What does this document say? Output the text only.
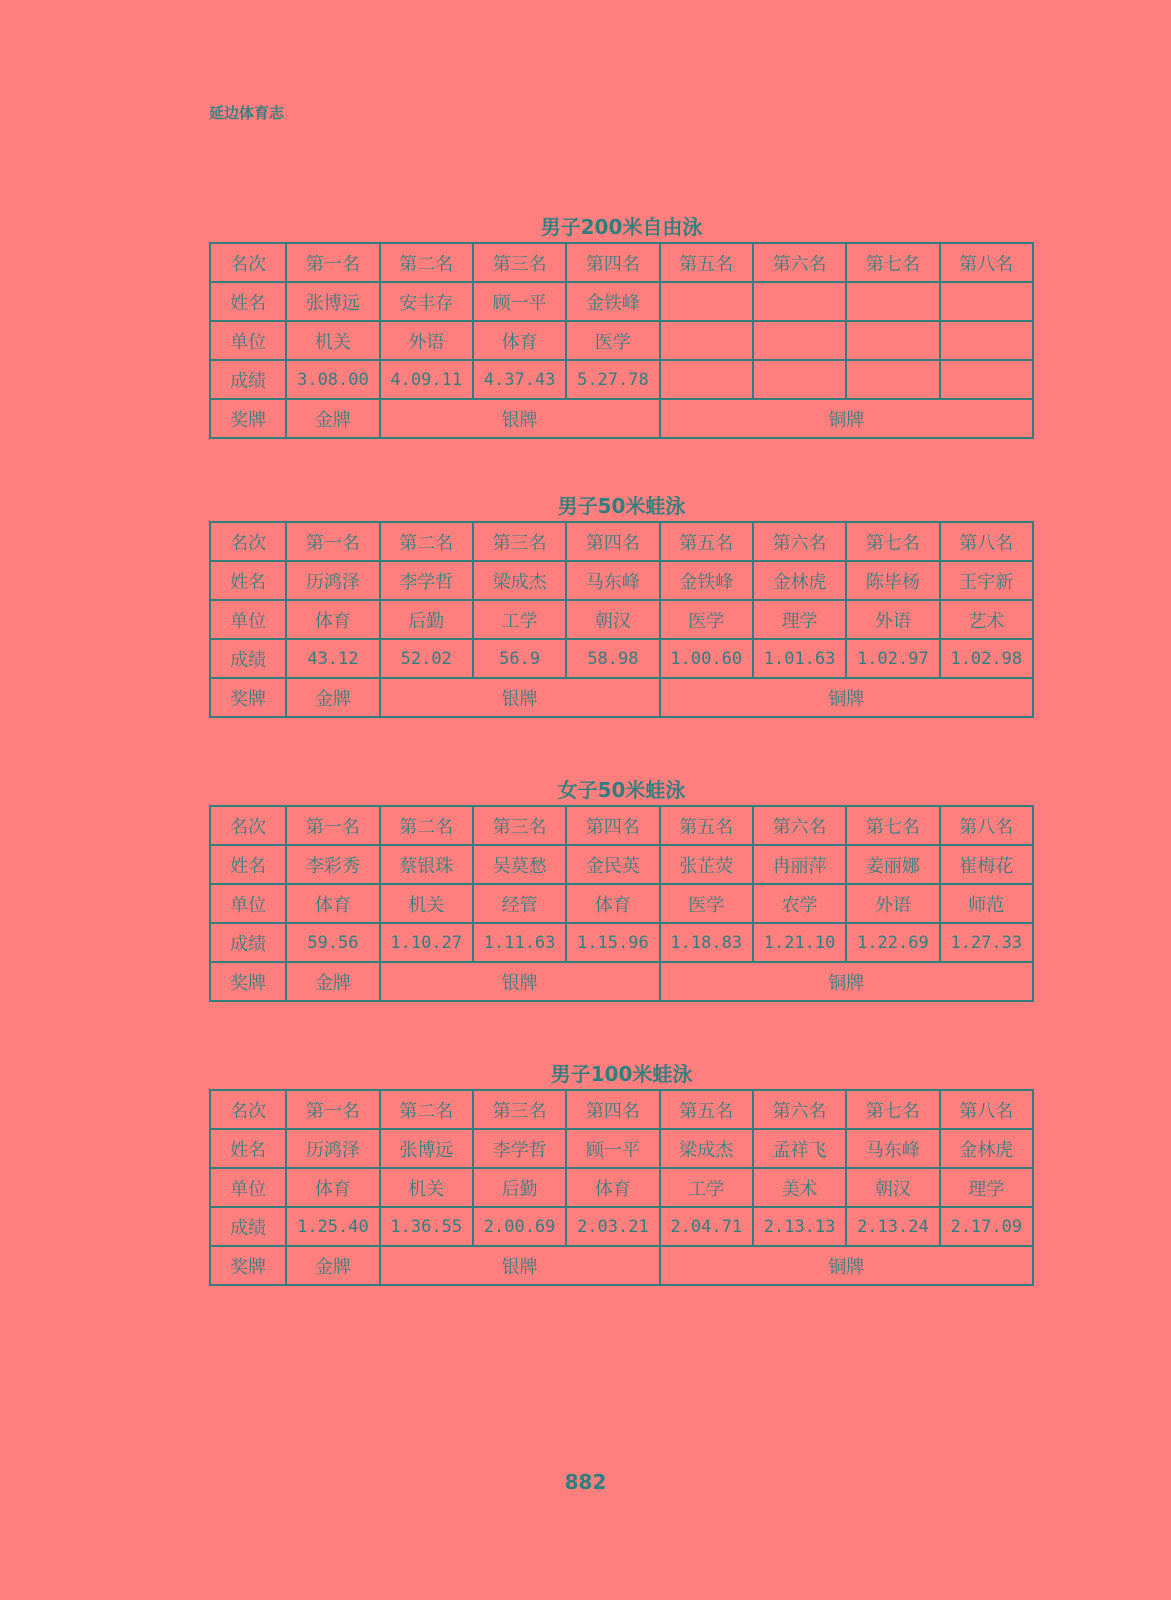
延边体育志
男子200米自由泳
名次	第一名	第二名	第三名	第四名	第五名	第六名	第七名	第八名
姓名	张博远	安丰存	顾一平	金铁峰				
单位	机关	外语	体育	医学				
成绩	3.08.00	4.09.11	4.37.43	5.27.78				
奖牌	金牌	银牌			铜牌			
男子50米蛙泳
名次	第一名	第二名	第三名	第四名	第五名	第六名	第七名	第八名
姓名	历鸿泽	李学哲	梁成杰	马东峰	金铁峰	金林虎	陈毕杨	王宇新
单位	体育	后勤	工学	朝汉	医学	理学	外语	艺术
成绩	43.12	52.02	56.9	58.98	1.00.60	1.01.63	1.02.97	1.02.98
奖牌	金牌	银牌			铜牌			
女子50米蛙泳
名次	第一名	第二名	第三名	第四名	第五名	第六名	第七名	第八名
姓名	李彩秀	蔡银珠	吴莫愁	金民英	张芷荧	冉丽萍	姜丽娜	崔梅花
单位	体育	机关	经管	体育	医学	农学	外语	师范
成绩	59.56	1.10.27	1.11.63	1.15.96	1.18.83	1.21.10	1.22.69	1.27.33
奖牌	金牌	银牌			铜牌			
男子100米蛙泳
名次	第一名	第二名	第三名	第四名	第五名	第六名	第七名	第八名
姓名	历鸿泽	张博远	李学哲	顾一平	梁成杰	孟祥飞	马东峰	金林虎
单位	体育	机关	后勤	体育	工学	美术	朝汉	理学
成绩	1.25.40	1.36.55	2.00.69	2.03.21	2.04.71	2.13.13	2.13.24	2.17.09
奖牌	金牌	银牌			铜牌			
882
